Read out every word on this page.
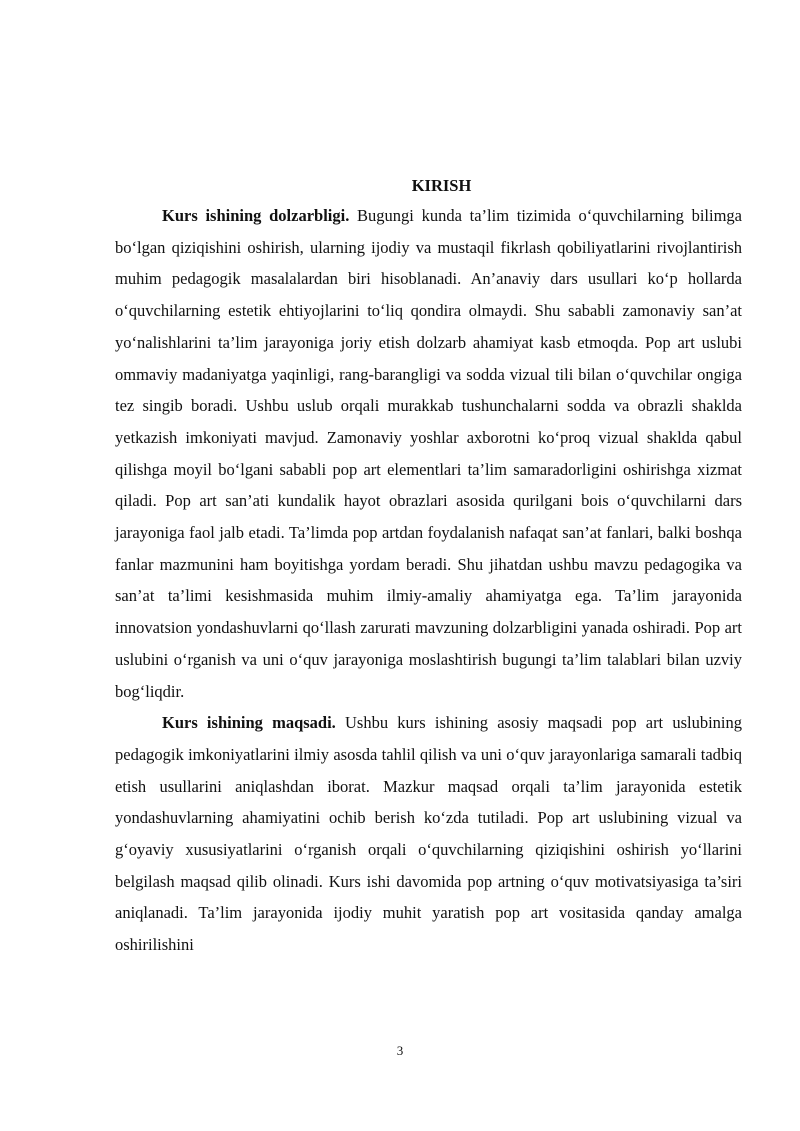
KIRISH

Kurs ishining dolzarbligi. Bugungi kunda ta’lim tizimida o‘quvchilarning bilimga bo‘lgan qiziqishini oshirish, ularning ijodiy va mustaqil fikrlash qobiliyatlarini rivojlantirish muhim pedagogik masalalardan biri hisoblanadi. An’anaviy dars usullari ko‘p hollarda o‘quvchilarning estetik ehtiyojlarini to‘liq qondira olmaydi. Shu sababli zamonaviy san’at yo‘nalishlarini ta’lim jarayoniga joriy etish dolzarb ahamiyat kasb etmoqda. Pop art uslubi ommaviy madaniyatga yaqinligi, rang-barangligi va sodda vizual tili bilan o‘quvchilar ongiga tez singib boradi. Ushbu uslub orqali murakkab tushunchalarni sodda va obrazli shaklda yetkazish imkoniyati mavjud. Zamonaviy yoshlar axborotni ko‘proq vizual shaklda qabul qilishga moyil bo‘lgani sababli pop art elementlari ta’lim samaradorligini oshirishga xizmat qiladi. Pop art san’ati kundalik hayot obrazlari asosida qurilgani bois o‘quvchilarni dars jarayoniga faol jalb etadi. Ta’limda pop artdan foydalanish nafaqat san’at fanlari, balki boshqa fanlar mazmunini ham boyitishga yordam beradi. Shu jihatdan ushbu mavzu pedagogika va san’at ta’limi kesishmasida muhim ilmiy-amaliy ahamiyatga ega. Ta’lim jarayonida innovatsion yondashuvlarni qo‘llash zarurati mavzuning dolzarbligini yanada oshiradi. Pop art uslubini o‘rganish va uni o‘quv jarayoniga moslashtirish bugungi ta’lim talablari bilan uzviy bog‘liqdir.

Kurs ishining maqsadi. Ushbu kurs ishining asosiy maqsadi pop art uslubining pedagogik imkoniyatlarini ilmiy asosda tahlil qilish va uni o‘quv jarayonlariga samarali tadbiq etish usullarini aniqlashdan iborat. Mazkur maqsad orqali ta’lim jarayonida estetik yondashuvlarning ahamiyatini ochib berish ko‘zda tutiladi. Pop art uslubining vizual va g‘oyaviy xususiyatlarini o‘rganish orqali o‘quvchilarning qiziqishini oshirish yo‘llarini belgilash maqsad qilib olinadi. Kurs ishi davomida pop artning o‘quv motivatsiyasiga ta’siri aniqlanadi. Ta’lim jarayonida ijodiy muhit yaratish pop art vositasida qanday amalga oshirilishini

3
